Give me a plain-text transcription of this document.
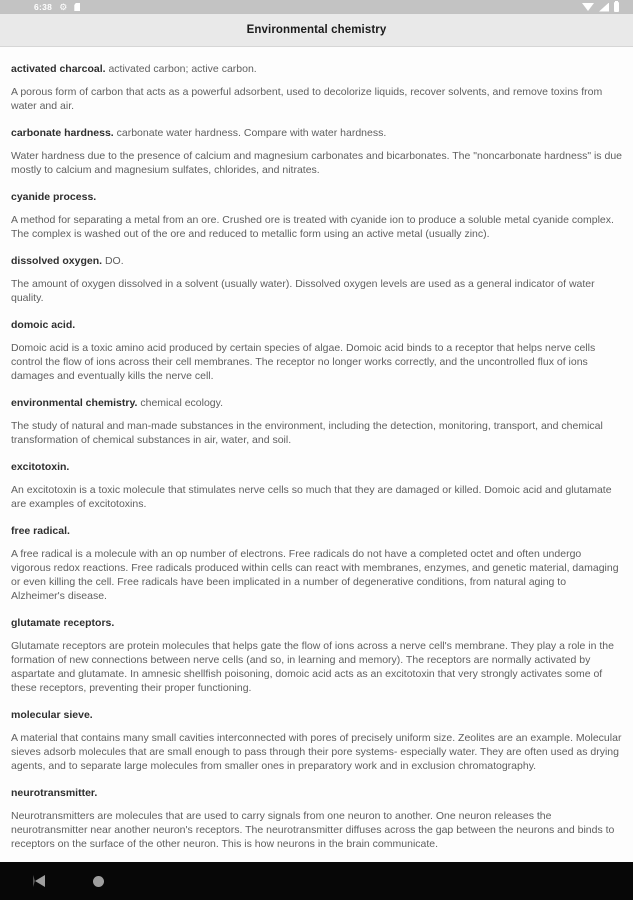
6:38 ⚙
Environmental chemistry
activated charcoal. activated carbon; active carbon.

A porous form of carbon that acts as a powerful adsorbent, used to decolorize liquids, recover solvents, and remove toxins from water and air.

carbonate hardness. carbonate water hardness. Compare with water hardness.

Water hardness due to the presence of calcium and magnesium carbonates and bicarbonates. The "noncarbonate hardness" is due mostly to calcium and magnesium sulfates, chlorides, and nitrates.

cyanide process.

A method for separating a metal from an ore. Crushed ore is treated with cyanide ion to produce a soluble metal cyanide complex. The complex is washed out of the ore and reduced to metallic form using an active metal (usually zinc).

dissolved oxygen. DO.

The amount of oxygen dissolved in a solvent (usually water). Dissolved oxygen levels are used as a general indicator of water quality.

domoic acid.

Domoic acid is a toxic amino acid produced by certain species of algae. Domoic acid binds to a receptor that helps nerve cells control the flow of ions across their cell membranes. The receptor no longer works correctly, and the uncontrolled flux of ions damages and eventually kills the nerve cell.

environmental chemistry. chemical ecology.

The study of natural and man-made substances in the environment, including the detection, monitoring, transport, and chemical transformation of chemical substances in air, water, and soil.

excitotoxin.

An excitotoxin is a toxic molecule that stimulates nerve cells so much that they are damaged or killed. Domoic acid and glutamate are examples of excitotoxins.

free radical.

A free radical is a molecule with an op number of electrons. Free radicals do not have a completed octet and often undergo vigorous redox reactions. Free radicals produced within cells can react with membranes, enzymes, and genetic material, damaging or even killing the cell. Free radicals have been implicated in a number of degenerative conditions, from natural aging to Alzheimer's disease.

glutamate receptors.

Glutamate receptors are protein molecules that helps gate the flow of ions across a nerve cell's membrane. They play a role in the formation of new connections between nerve cells (and so, in learning and memory). The receptors are normally activated by aspartate and glutamate. In amnesic shellfish poisoning, domoic acid acts as an excitotoxin that very strongly activates some of these receptors, preventing their proper functioning.

molecular sieve.

A material that contains many small cavities interconnected with pores of precisely uniform size. Zeolites are an example. Molecular sieves adsorb molecules that are small enough to pass through their pore systems- especially water. They are often used as drying agents, and to separate large molecules from smaller ones in preparatory work and in exclusion chromatography.

neurotransmitter.

Neurotransmitters are molecules that are used to carry signals from one neuron to another. One neuron releases the neurotransmitter near another neuron's receptors. The neurotransmitter diffuses across the gap between the neurons and binds to receptors on the surface of the other neuron. This is how neurons in the brain communicate.
